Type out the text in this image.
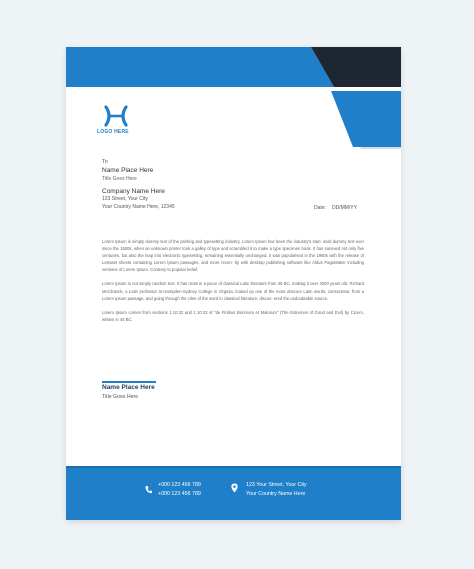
LOGO HERE
To
Name Place Here
Title Goes Here
Company Name Here
123 Street, Your City
Your Country Name Here, 12345	Date: DD/MM/YY

Lorem Ipsum is simply dummy text of the printing and typesetting industry. Lorem Ipsum has been the industry's stan- dard dummy text ever since the 1500s, when an unknown printer took a galley of type and scrambled it to make a type specimen book. It has survived not only five centuries, but also the leap into electronic typesetting, remaining essentially unchanged. It was popularised in the 1960s with the release of Letraset sheets containing Lorem Ipsum passages, and more recen- tly with desktop publishing software like Aldus PageMaker including versions of Lorem Ipsum. Contrary to popular belief,

Lorem Ipsum is not simply random text. It has roots in a piece of classical Latin literature from 45 BC, making it over 2000 years old. Richard McClintock, a Latin professor at Hampden-Sydney College in Virginia, looked up one of the more obscure Latin words, consectetur, from a Lorem Ipsum passage, and going through the cites of the word in classical literature, discov- ered the undoubtable source.

Lorem Ipsum comes from sections 1.10.32 and 1.10.33 of "de Finibus Bonorum et Malorum" (The Extremes of Good and Evil) by Cicero, written in 45 BC.

Name Place Here
Title Goes Here
+000 123 456 789
+000 123 456 789
123 Your Street, Your City
Your Country Name Here
